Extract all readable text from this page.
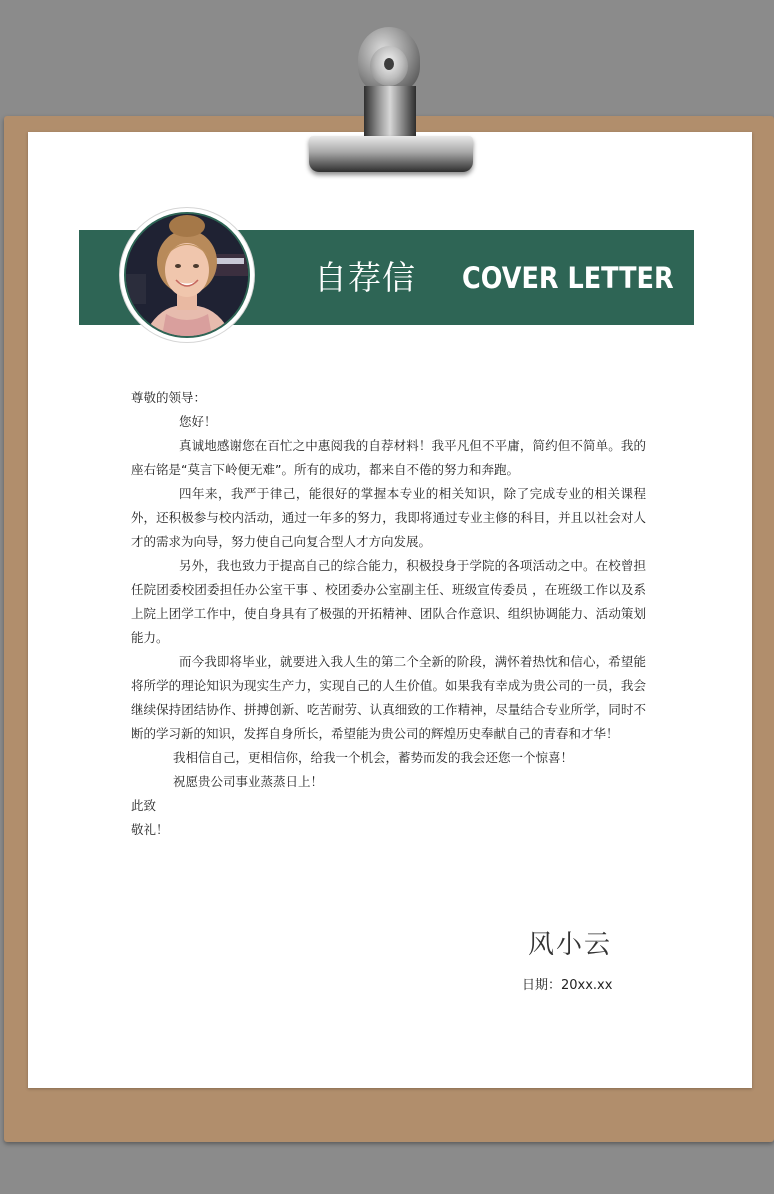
自荐信 COVER LETTER

尊敬的领导：

您好！

真诚地感谢您在百忙之中惠阅我的自荐材料！我平凡但不平庸，简约但不简单。我的座右铭是“莫言下岭便无难”。所有的成功，都来自不倦的努力和奔跑。

四年来，我严于律己，能很好的掌握本专业的相关知识，除了完成专业的相关课程外，还积极参与校内活动，通过一年多的努力，我即将通过专业主修的科目，并且以社会对人才的需求为向导，努力使自己向复合型人才方向发展。

另外，我也致力于提高自己的综合能力，积极投身于学院的各项活动之中。在校曾担任院团委校团委担任办公室干事 、校团委办公室副主任、班级宣传委员 ，在班级工作以及系上院上团学工作中，使自身具有了极强的开拓精神、团队合作意识、组织协调能力、活动策划能力。

而今我即将毕业，就要进入我人生的第二个全新的阶段，满怀着热忱和信心，希望能将所学的理论知识为现实生产力，实现自己的人生价值。如果我有幸成为贵公司的一员，我会继续保持团结协作、拼搏创新、吃苦耐劳、认真细致的工作精神，尽量结合专业所学，同时不断的学习新的知识，发挥自身所长，希望能为贵公司的辉煌历史奉献自己的青春和才华！

我相信自己，更相信你，给我一个机会，蓄势而发的我会还您一个惊喜！

祝愿贵公司事业蒸蒸日上！

此致

敬礼！

风小云
日期：20xx.xx
